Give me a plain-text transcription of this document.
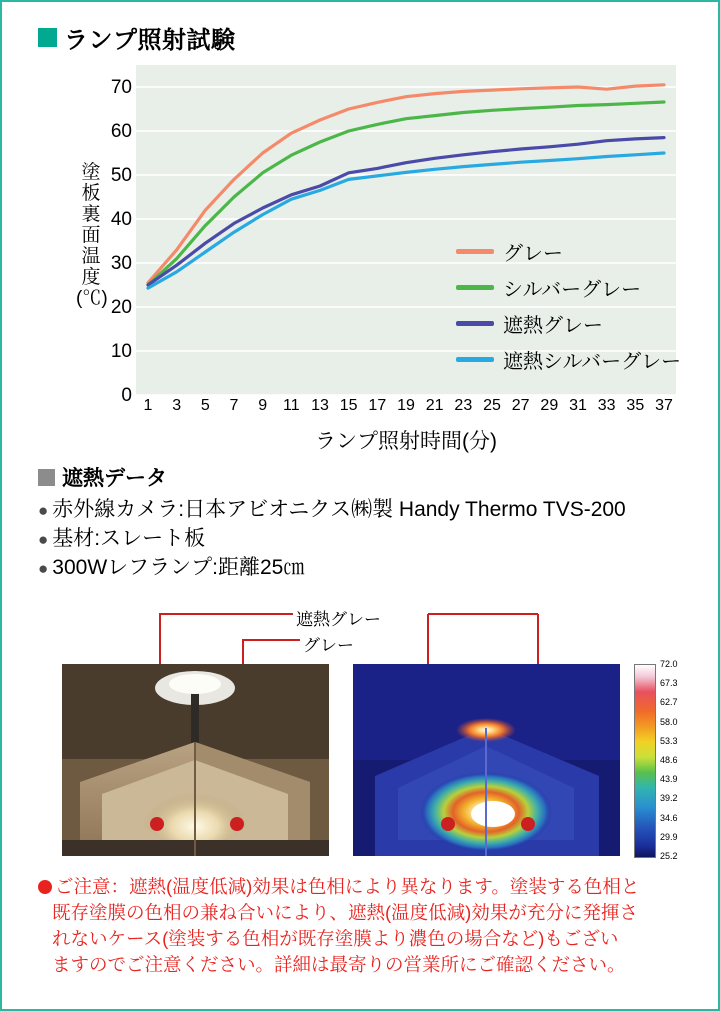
ランプ照射試験
塗板裏面温度(℃)
0
10
20
30
40
50
60
70
グレー
シルバーグレー
遮熱グレー
遮熱シルバーグレー
1 3 5 7 9 11 13 15 17 19 21 23 25 27 29 31 33 35 37
ランプ照射時間(分)
遮熱データ
● 赤外線カメラ:日本アビオニクス㈱製 Handy Thermo TVS-200
● 基材:スレート板
● 300Wレフランプ:距離25㎝
遮熱グレー
グレー
72.0
67.3
62.7
58.0
53.3
48.6
43.9
39.2
34.6
29.9
25.2

ご注意：遮熱(温度低減)効果は色相により異なります。塗装する色相と

既存塗膜の色相の兼ね合いにより、遮熱(温度低減)効果が充分に発揮さ

れないケース(塗装する色相が既存塗膜より濃色の場合など)もござい

ますのでご注意ください。詳細は最寄りの営業所にご確認ください。
